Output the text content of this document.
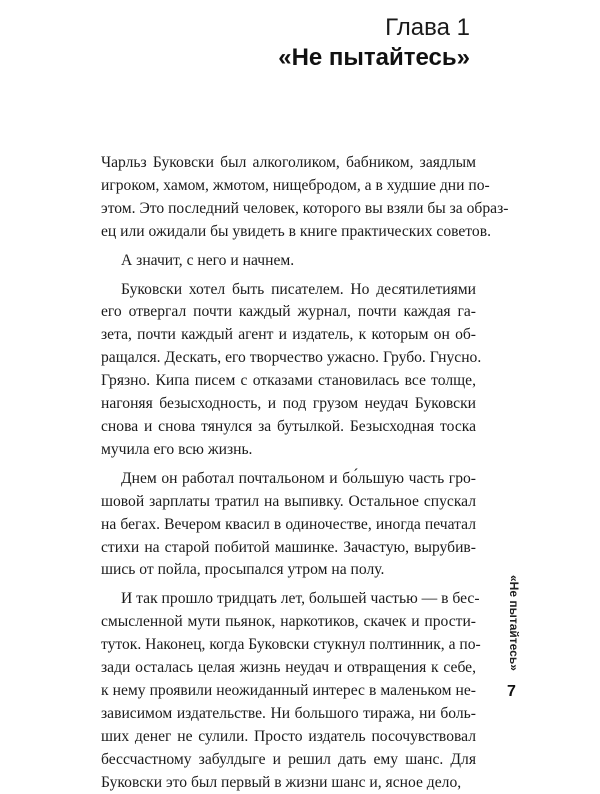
Глава 1
«Не пытайтесь»
Чарльз Буковски был алкоголиком, бабником, заядлым
игроком, хамом, жмотом, нищебродом, а в худшие дни по-
этом. Это последний человек, которого вы взяли бы за образ-
ец или ожидали бы увидеть в книге практических советов.
А значит, с него и начнем.
Буковски хотел быть писателем. Но десятилетиями
его отвергал почти каждый журнал, почти каждая га-
зета, почти каждый агент и издатель, к которым он об-
ращался. Дескать, его творчество ужасно. Грубо. Гнусно.
Грязно. Кипа писем с отказами становилась все толще,
нагоняя безысходность, и под грузом неудач Буковски
снова и снова тянулся за бутылкой. Безысходная тоска
мучила его всю жизнь.
Днем он работал почтальоном и бо́льшую часть гро-
шовой зарплаты тратил на выпивку. Остальное спускал
на бегах. Вечером квасил в одиночестве, иногда печатал
стихи на старой побитой машинке. Зачастую, вырубив-
шись от пойла, просыпался утром на полу.
И так прошло тридцать лет, большей частью — в бес-
смысленной мути пьянок, наркотиков, скачек и прости-
туток. Наконец, когда Буковски стукнул полтинник, а по-
зади осталась целая жизнь неудач и отвращения к себе,
к нему проявили неожиданный интерес в маленьком не-
зависимом издательстве. Ни большого тиража, ни боль-
ших денег не сулили. Просто издатель посочувствовал
бессчастному забулдыге и решил дать ему шанс. Для
Буковски это был первый в жизни шанс и, ясное дело,
«Не пытайтесь»
7
